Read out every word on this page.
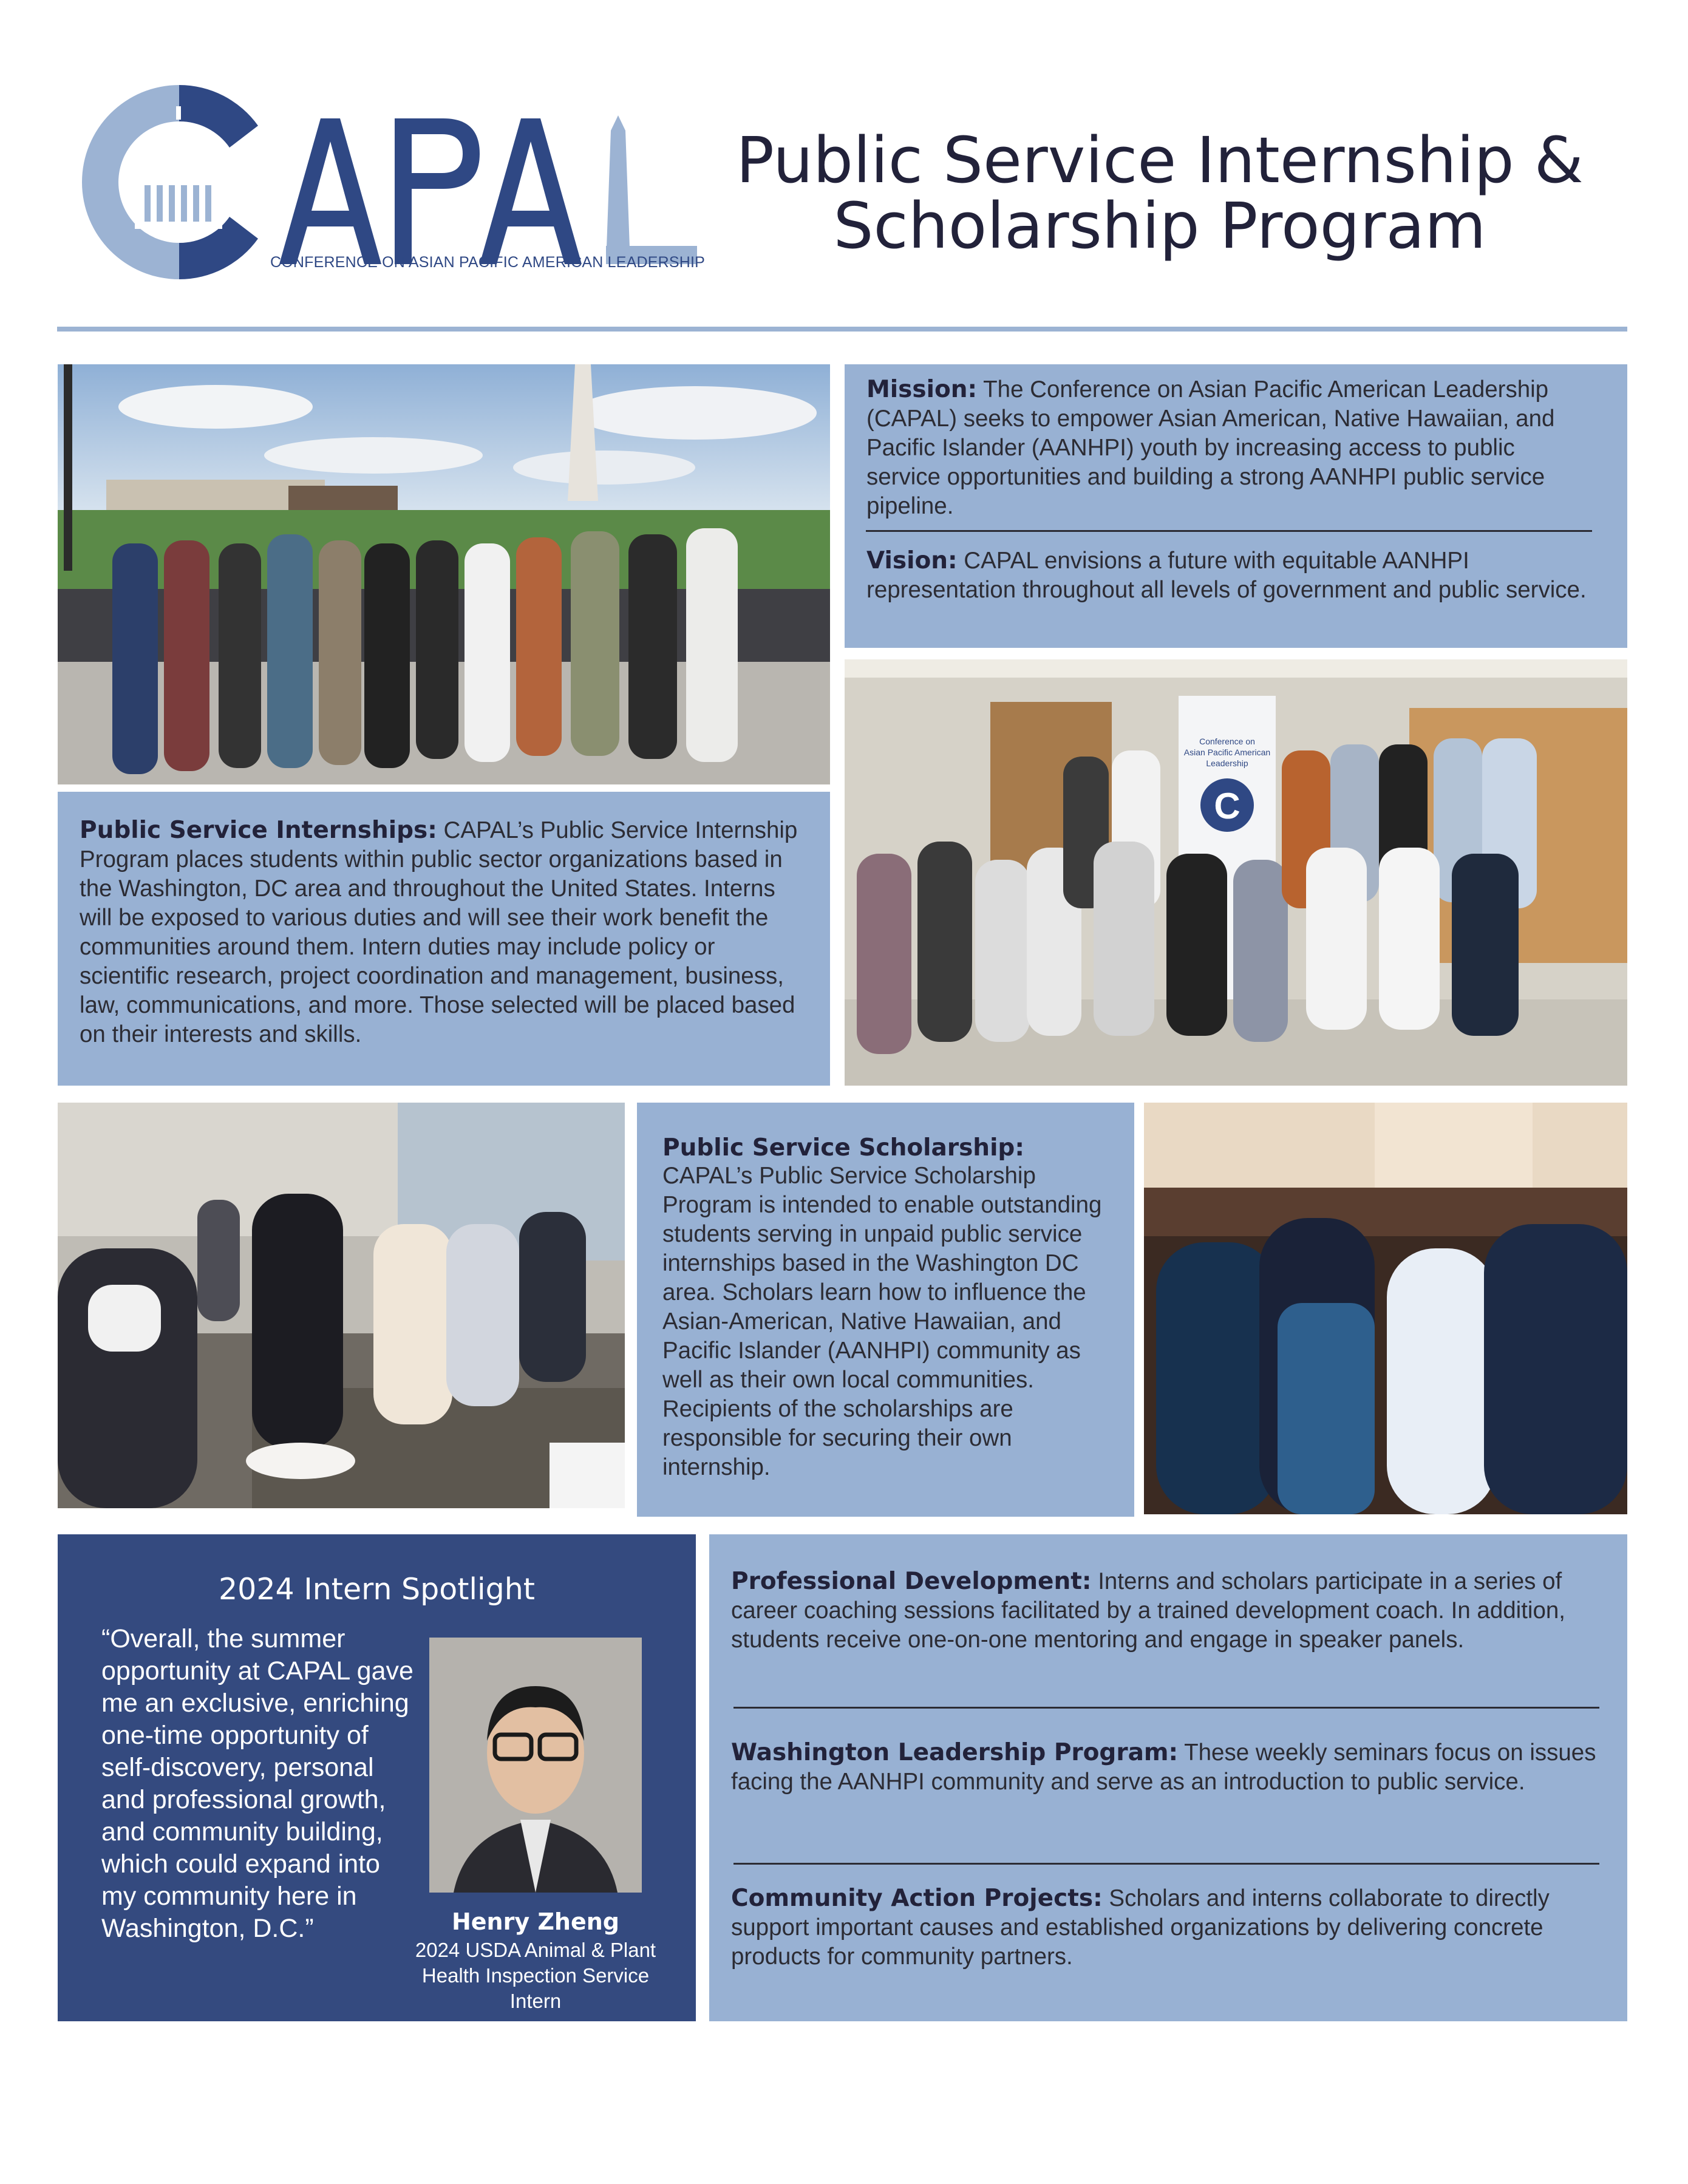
CONFERENCE ON ASIAN PACIFIC AMERICAN LEADERSHIP
Public Service Internship &
Scholarship Program

Mission: The Conference on Asian Pacific American Leadership (CAPAL) seeks to empower Asian American, Native Hawaiian, and Pacific Islander (AANHPI) youth by increasing access to public service opportunities and building a strong AANHPI public service pipeline.

Vision: CAPAL envisions a future with equitable AANHPI representation throughout all levels of government and public service.

Public Service Internships: CAPAL’s Public Service Internship Program places students within public sector organizations based in the Washington, DC area and throughout the United States. Interns will be exposed to various duties and will see their work benefit the communities around them. Intern duties may include policy or scientific research, project coordination and management, business, law, communications, and more. Those selected will be placed based on their interests and skills.

Conference on
Asian Pacific American
Leadership
C

Public Service Scholarship:

CAPAL’s Public Service Scholarship Program is intended to enable outstanding students serving in unpaid public service internships based in the Washington DC area. Scholars learn how to influence the Asian-American, Native Hawaiian, and Pacific Islander (AANHPI) community as well as their own local communities. Recipients of the scholarships are responsible for securing their own internship.

2024 Intern Spotlight
“Overall, the summer opportunity at CAPAL gave me an exclusive, enriching one-time opportunity of self-discovery, personal and professional growth, and community building, which could expand into my community here in Washington, D.C.”	Henry Zheng
2024 USDA Animal & Plant Health Inspection Service Intern

Professional Development: Interns and scholars participate in a series of career coaching sessions facilitated by a trained development coach. In addition, students receive one-on-one mentoring and engage in speaker panels.

Washington Leadership Program: These weekly seminars focus on issues facing the AANHPI community and serve as an introduction to public service.

Community Action Projects: Scholars and interns collaborate to directly support important causes and established organizations by delivering concrete products for community partners.
